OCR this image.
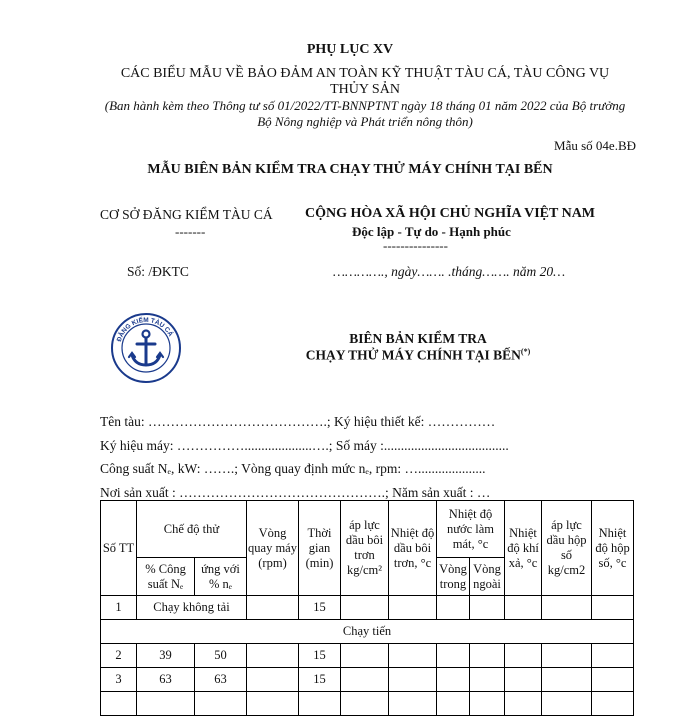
PHỤ LỤC XV
CÁC BIỂU MẪU VỀ BẢO ĐẢM AN TOÀN KỸ THUẬT TÀU CÁ, TÀU CÔNG VỤ THỦY SẢN
(Ban hành kèm theo Thông tư số 01/2022/TT-BNNPTNT ngày 18 tháng 01 năm 2022 của Bộ trưởng Bộ Nông nghiệp và Phát triển nông thôn)
Mẫu số 04e.BĐ
MẪU BIÊN BẢN KIỂM TRA CHẠY THỬ MÁY CHÍNH TẠI BẾN
CƠ SỞ ĐĂNG KIỂM TÀU CÁ
-------
CỘNG HÒA XÃ HỘI CHỦ NGHĨA VIỆT NAM
Độc lập - Tự do - Hạnh phúc
---------------
Số: /ĐKTC	…………., ngày……. .tháng……. năm 20…
ĐĂNG KIỂM TÀU CÁ	BIÊN BẢN KIỂM TRA
CHẠY THỬ MÁY CHÍNH TẠI BẾN(*)
Tên tàu: ………………………………….; Ký hiệu thiết kế: ……………
Ký hiệu máy: ……………....................….; Số máy :.....................................
Công suất Nₑ, kW: …….; Vòng quay định mức nₑ, rpm: …....................
Nơi sản xuất : ……………………………………….; Năm sản xuất : …
Số TT	Chế độ thử		Vòng quay máy (rpm)	Thời gian (min)	áp lực dầu bôi trơn kg/cm²	Nhiệt độ dầu bôi trơn, °c	Nhiệt độ nước làm mát, °c		Nhiệt độ khí xả, °c	áp lực dầu hộp số kg/cm2	Nhiệt độ hộp số, °c
	% Công suất Nₑ	ứng với % nₑ					Vòng trong	Vòng ngoài			
1	Chạy không tải			15							
Chạy tiến											
2	39	50		15							
3	63	63		15							
